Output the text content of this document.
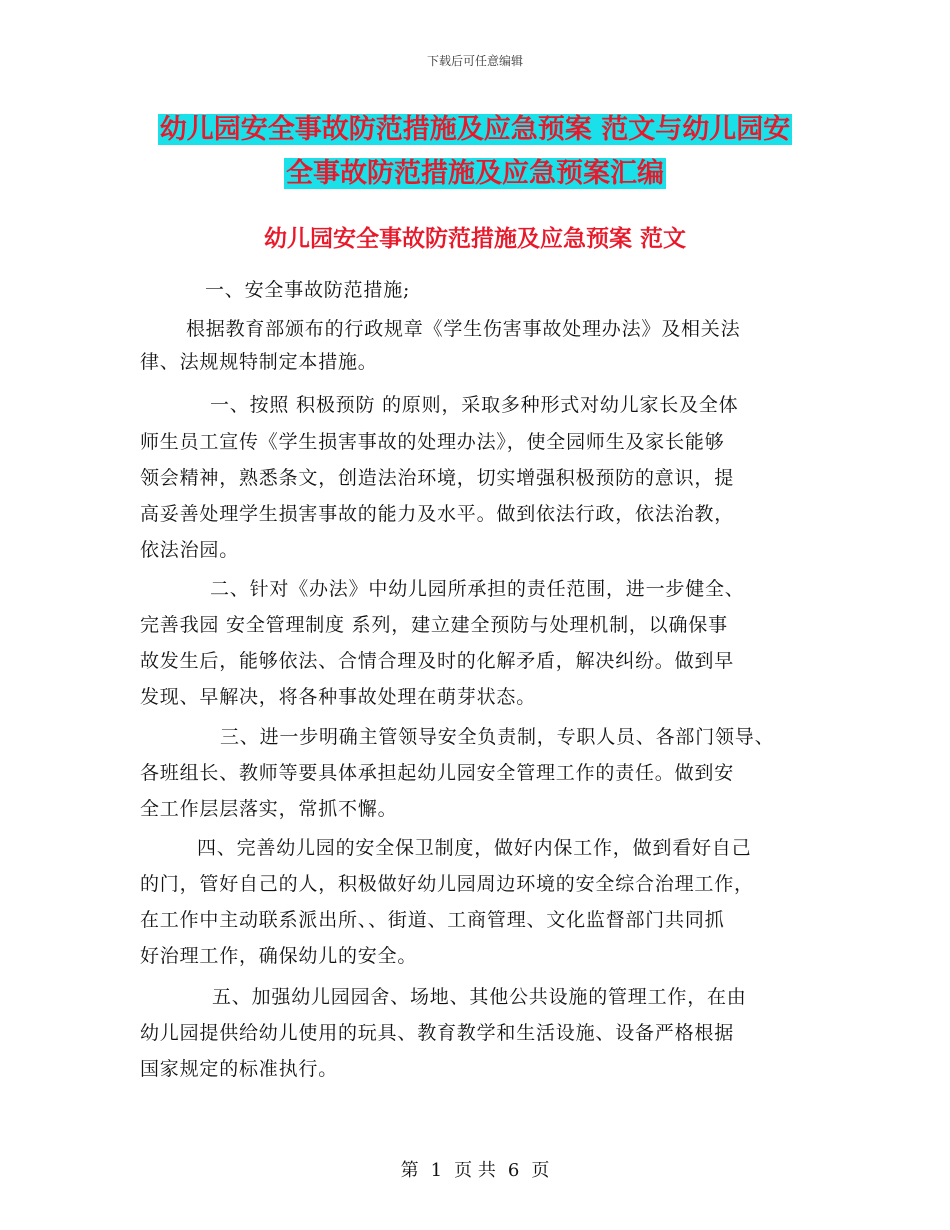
下载后可任意编辑
幼儿园安全事故防范措施及应急预案 范文与幼儿园安
全事故防范措施及应急预案汇编
幼儿园安全事故防范措施及应急预案 范文
一、安全事故防范措施;
根据教育部颁布的行政规章《学生伤害事故处理办法》及相关法
律、法规规特制定本措施。
一、按照 积极预防 的原则，采取多种形式对幼儿家长及全体
师生员工宣传《学生损害事故的处理办法》，使全园师生及家长能够
领会精神，熟悉条文，创造法治环境，切实增强积极预防的意识，提
高妥善处理学生损害事故的能力及水平。做到依法行政，依法治教，
依法治园。
二、针对《办法》中幼儿园所承担的责任范围，进一步健全、
完善我园 安全管理制度 系列，建立建全预防与处理机制，以确保事
故发生后，能够依法、合情合理及时的化解矛盾，解决纠纷。做到早
发现、早解决，将各种事故处理在萌芽状态。
三、进一步明确主管领导安全负责制，专职人员、各部门领导、
各班组长、教师等要具体承担起幼儿园安全管理工作的责任。做到安
全工作层层落实，常抓不懈。
四、完善幼儿园的安全保卫制度，做好内保工作，做到看好自己
的门，管好自己的人，积极做好幼儿园周边环境的安全综合治理工作，
在工作中主动联系派出所、、街道、工商管理、文化监督部门共同抓
好治理工作，确保幼儿的安全。
五、加强幼儿园园舍、场地、其他公共设施的管理工作，在由
幼儿园提供给幼儿使用的玩具、教育教学和生活设施、设备严格根据
国家规定的标准执行。
第 1 页 共 6 页
